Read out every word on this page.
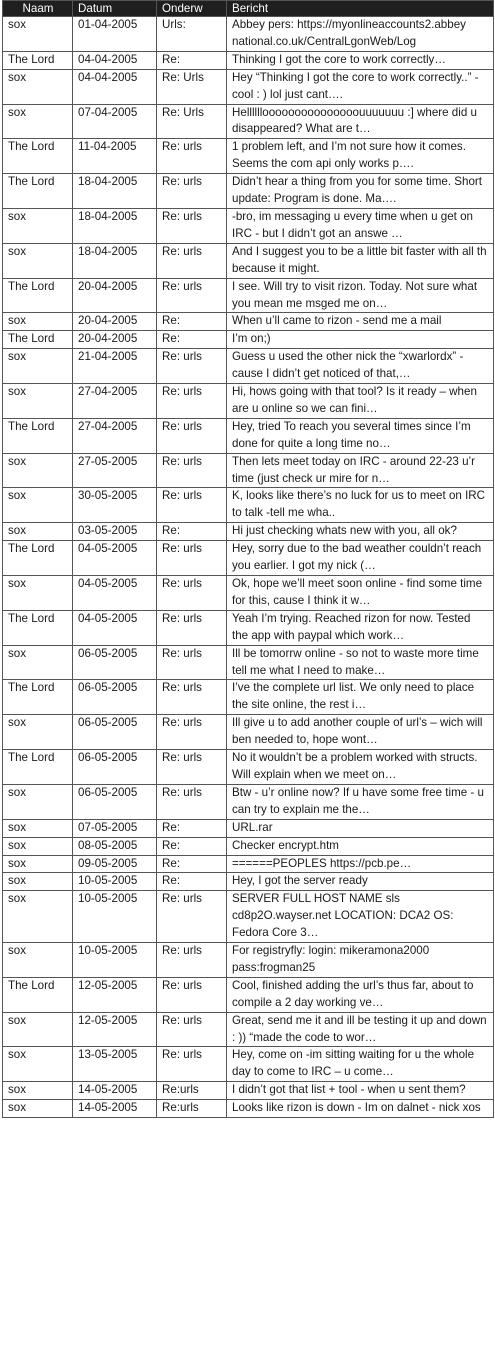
Naam	Datum	Onderw	Bericht
sox	01-04-2005	Urls:	Abbey pers: https://myonlineaccounts2.abbey national.co.uk/CentralLgonWeb/Log
The Lord	04-04-2005	Re:	Thinking I got the core to work correctly…
sox	04-04-2005	Re: Urls	Hey “Thinking I got the core to work correctly..” - cool : ) lol just cant….
sox	07-04-2005	Re: Urls	Hellllllooooooooooooooouuuuuuu :] where did u disappeared? What are t…
The Lord	11-04-2005	Re: urls	1 problem left, and I’m not sure how it comes. Seems the com api only works p….
The Lord	18-04-2005	Re: urls	Didn’t hear a thing from you for some time. Short update: Program is done. Ma….
sox	18-04-2005	Re: urls	-bro, im messaging u every time when u get on IRC - but I didn’t got an answe …
sox	18-04-2005	Re: urls	And I suggest you to be a little bit faster with all th because it might.
The Lord	20-04-2005	Re: urls	I see. Will try to visit rizon. Today. Not sure what you mean me msged me on…
sox	20-04-2005	Re:	When u’ll came to rizon - send me a mail
The Lord	20-04-2005	Re:	I’m on;)
sox	21-04-2005	Re: urls	Guess u used the other nick the “xwarlordx” - cause I didn’t get noticed of that,…
sox	27-04-2005	Re: urls	Hi, hows going with that tool? Is it ready – when are u online so we can fini…
The Lord	27-04-2005	Re: urls	Hey, tried To reach you several times since I’m done for quite a long time no…
sox	27-05-2005	Re: urls	Then lets meet today on IRC - around 22-23 u’r time (just check ur mire for n…
sox	30-05-2005	Re: urls	K, looks like there’s no luck for us to meet on IRC to talk -tell me wha..
sox	03-05-2005	Re:	Hi just checking whats new with you, all ok?
The Lord	04-05-2005	Re: urls	Hey, sorry due to the bad weather couldn’t reach you earlier. I got my nick (…
sox	04-05-2005	Re: urls	Ok, hope we’ll meet soon online - find some time for this, cause I think it w…
The Lord	04-05-2005	Re: urls	Yeah I’m trying. Reached rizon for now. Tested the app with paypal which work…
sox	06-05-2005	Re: urls	Ill be tomorrw online - so not to waste more time tell me what I need to make…
The Lord	06-05-2005	Re: urls	I’ve the complete url list. We only need to place the site online, the rest i…
sox	06-05-2005	Re: urls	Ill give u to add another couple of url’s – wich will ben needed to, hope wont…
The Lord	06-05-2005	Re: urls	No it wouldn’t be a problem worked with structs. Will explain when we meet on…
sox	06-05-2005	Re: urls	Btw - u’r online now? If u have some free time - u can try to explain me the…
sox	07-05-2005	Re:	URL.rar
sox	08-05-2005	Re:	Checker encrypt.htm
sox	09-05-2005	Re:	======PEOPLES https://pcb.pe…
sox	10-05-2005	Re:	Hey, I got the server ready
sox	10-05-2005	Re: urls	SERVER FULL HOST NAME sls cd8p2O.wayser.net LOCATION: DCA2 OS: Fedora Core 3…
sox	10-05-2005	Re: urls	For registryfly: login: mikeramona2000 pass:frogman25
The Lord	12-05-2005	Re: urls	Cool, finished adding the url’s thus far, about to compile a 2 day working ve…
sox	12-05-2005	Re: urls	Great, send me it and ill be testing it up and down : )) “made the code to wor…
sox	13-05-2005	Re: urls	Hey, come on -im sitting waiting for u the whole day to come to IRC – u come…
sox	14-05-2005	Re:urls	I didn’t got that list + tool - when u sent them?
sox	14-05-2005	Re:urls	Looks like rizon is down - Im on dalnet - nick xos
